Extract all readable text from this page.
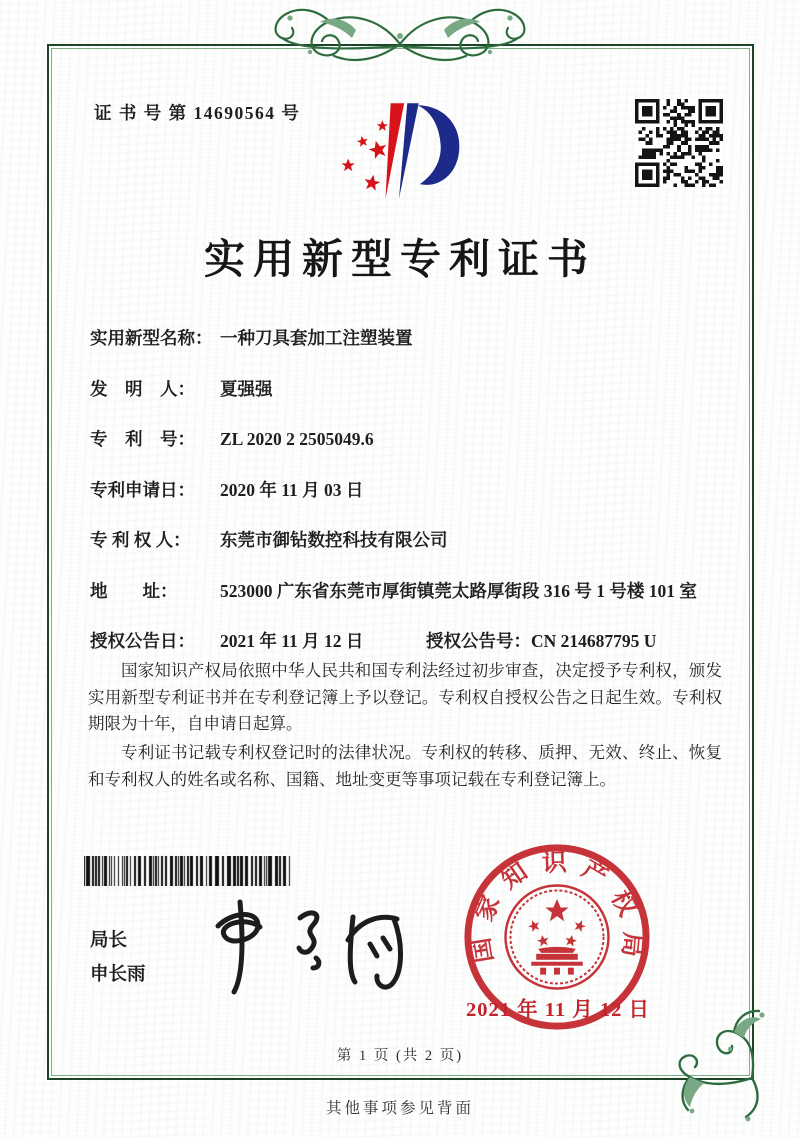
证 书 号 第 14690564 号
实用新型专利证书
实用新型名称： 一种刀具套加工注塑装置
发　明　人：	夏强强
专　利　号：	ZL 2020 2 2505049.6
专利申请日：	2020 年 11 月 03 日
专 利 权 人：	东莞市御钻数控科技有限公司
地　　址：	523000 广东省东莞市厚街镇莞太路厚街段 316 号 1 号楼 101 室
授权公告日：	2021 年 11 月 12 日	授权公告号： CN 214687795 U

国家知识产权局依照中华人民共和国专利法经过初步审查，决定授予专利权，颁发实用新型专利证书并在专利登记簿上予以登记。专利权自授权公告之日起生效。专利权期限为十年，自申请日起算。

专利证书记载专利权登记时的法律状况。专利权的转移、质押、无效、终止、恢复和专利权人的姓名或名称、国籍、地址变更等事项记载在专利登记簿上。

局长
申长雨
国家知识产权局
2021 年 11 月 12 日
第 1 页 (共 2 页)
其他事项参见背面
